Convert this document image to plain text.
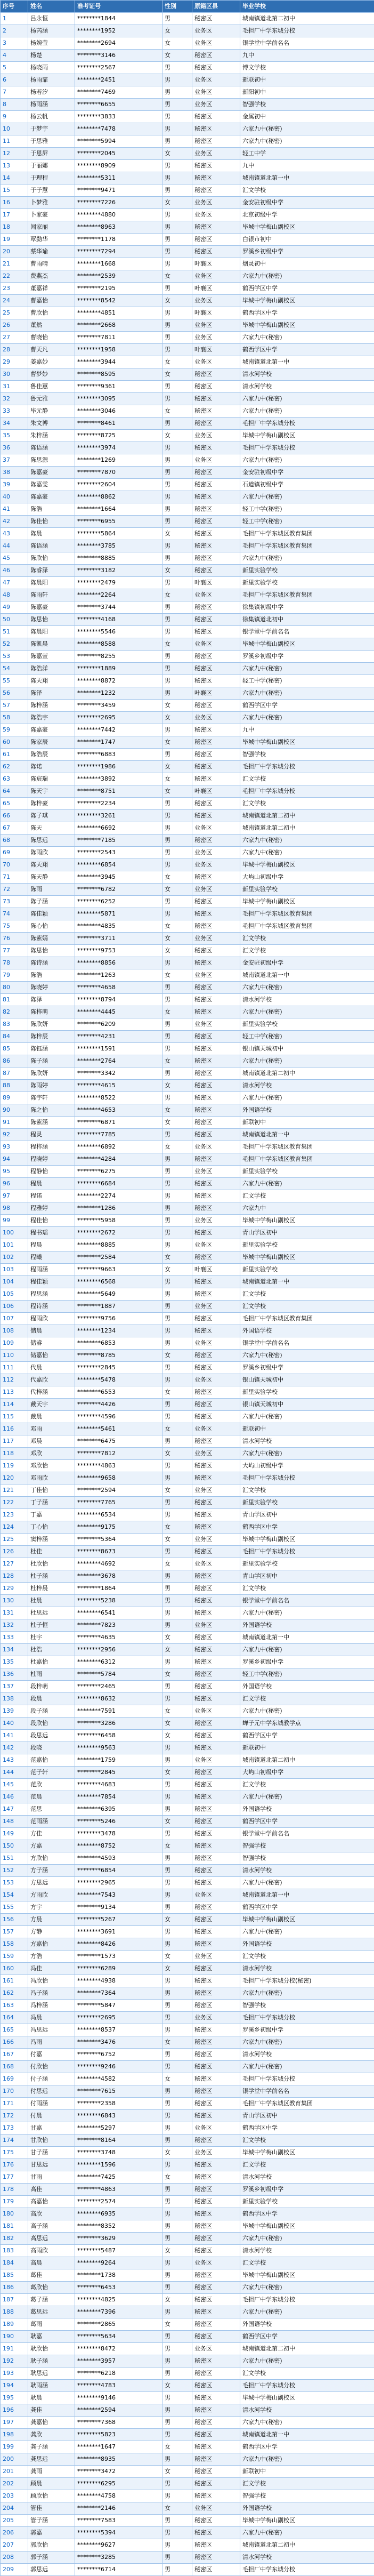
序号	姓名	准考证号	性别	原籍区县	毕业学校
1	吕永恒	********1844	男	秘密区	城南镇道北第二初中
2	杨芮涵	********1952	女	业务区	毛担厂中学东城分校
3	杨婉莹	********2694	女	业务区	银学堂中学前名名
4	杨楚	********3146	女	秘密区	九中
5	杨晓雨	********2567	男	秘密区	博文学校
6	杨雨霏	********2451	男	业务区	新联初中
7	杨若汐	********7469	男	业务区	新阳初中
8	杨雨涵	********6655	男	业务区	智强学校
9	杨云帆	********3833	男	秘密区	金属初中
10	于梦宇	********7478	男	秘密区	六家九中(秘密)
11	于思雅	********5994	男	秘密区	六家九中(秘密)
12	于恩屏	********2045	女	业务区	轻工中学
13	于丽娜	********8909	男	秘密区	九中
14	于理程	********5311	男	秘密区	城南镇道北第一中
15	于子慧	********9471	男	秘密区	汇文学校
16	卜梦雅	********7226	女	业务区	金安驻初级中学
17	卜家豪	********4880	男	业务区	北京初级中学
18	闻家丽	********8963	男	秘密区	毕城中学梅山副校区
19	覃勤华	********1178	男	秘密区	白银市初中
20	蔡华瑜	********7294	男	秘密区	罗溪乡初级中学
21	曹雨晴	********1668	男	叶襄区	烟灵初中
22	费燕杰	********2539	女	业务区	六家九中(秘密)
23	董嘉祥	********2195	男	叶襄区	鹤西学区中学
24	曹嘉怡	********8542	女	业务区	毕城中学梅山副校区
25	曹欣怡	********4851	男	叶襄区	鹤西学区中学
26	董然	********2668	男	业务区	毕城中学梅山副校区
27	曹晓怡	********7811	男	业务区	六家九中(秘密)
28	曹天凡	********1958	男	叶襄区	鹤西学区中学
29	姜嘉妙	********3944	女	业务区	城南镇道北第一中
30	曹梦妙	********8595	女	秘密区	清水河学校
31	鲁佳蕙	********9361	男	秘密区	清水河学校
32	鲁元雅	********3095	男	秘密区	六家九中(秘密)
33	毕元静	********3046	女	秘密区	六家九中(秘密)
34	朱文博	********8461	男	秘密区	毛担厂中学东城分校
35	朱梓涵	********8725	女	业务区	毕城中学梅山副校区
36	陈语涵	********3974	男	秘密区	毛担厂中学东城分校
37	陈思源	********1269	男	业务区	六家九中(秘密)
38	陈嘉豪	********7870	男	秘密区	金安驻初级中学
39	陈嘉雯	********2604	男	秘密区	石道镇初级中学
40	陈嘉豪	********8862	男	秘密区	六家九中(秘密)
41	陈浩	********1664	男	秘密区	轻工中学(秘密)
42	陈佳怡	********6955	男	秘密区	轻工中学(秘密)
43	陈晨	********5864	女	秘密区	毛担厂中学东城区教育集团
44	陈语涵	********3785	男	秘密区	毛担厂中学东城区教育集团
45	陈欣怡	********8885	男	秘密区	六家九中(秘密)
46	陈睿泽	********3182	女	秘密区	新里实验学校
47	陈晨阳	********2479	男	叶襄区	新里实验学校
48	陈雨轩	********2264	女	业务区	毛担厂中学东城区教育集团
49	陈嘉豪	********3744	男	秘密区	徐集镇初级中学
50	陈思怡	********4168	男	秘密区	徐集镇道北初中
51	陈晨阳	********5546	男	秘密区	银学堂中学前名名
52	陈凯晨	********8588	女	业务区	毕城中学梅山副校区
53	陈嘉萱	********8255	男	秘密区	罗溪乡初级中学
54	陈浩洋	********1889	男	秘密区	六家九中(秘密)
55	陈天翔	********8872	男	秘密区	轻工中学(秘密)
56	陈泽	********1232	男	叶襄区	六家九中(秘密)
57	陈梓涵	********3459	女	秘密区	鹤西学区中学
58	陈浩宇	********2695	女	业务区	六家九中(秘密)
59	陈嘉豪	********7442	男	秘密区	九中
60	陈家辰	********1747	女	秘密区	毕城中学梅山副校区
61	陈浩辰	********6883	男	秘密区	智强学校
62	陈诺	********1986	女	秘密区	毛担厂中学东城分校
63	陈宸瑞	********3892	女	秘密区	汇文学校
64	陈天宇	********8751	女	叶襄区	毛担厂中学东城分校
65	陈梓豪	********2234	男	秘密区	汇文学校
66	陈子琪	********3261	男	秘密区	城南镇道北第二初中
67	陈天	********6692	男	业务区	城南镇道北第二初中
68	陈思远	********7185	男	秘密区	六家九中(秘密)
69	陈雨欣	********2543	男	业务区	六家九中(秘密)
70	陈天翔	********6854	男	业务区	毕城中学梅山副校区
71	陈天静	********3945	女	秘密区	大屿山初级中学
72	陈雨	********6782	女	业务区	新里实验学校
73	陈子涵	********6252	男	秘密区	毕城中学梅山副校区
74	陈佳颖	********5871	男	秘密区	毛担厂中学东城区教育集团
75	陈心怡	********4835	女	秘密区	毛担厂中学东城区教育集团
76	陈紫嫣	********3711	女	业务区	汇文学校
77	陈思怡	********9753	女	秘密区	汇文学校
78	陈诗涵	********8856	男	秘密区	金安驻初级中学
79	陈浩	********1263	女	业务区	城南镇道北第一中
80	陈晓婷	********4658	男	秘密区	六家九中(秘密)
81	陈泽	********8794	男	秘密区	清水河学校
82	陈梓萌	********4445	女	秘密区	六家九中(秘密)
83	陈欣妍	********6209	男	业务区	新里实验学校
84	陈梓辰	********4231	男	秘密区	轻工中学(秘密)
85	陈钰涵	********1591	男	秘密区	银山镇天城初中
86	陈子涵	********2764	女	秘密区	六家九中(秘密)
87	陈欣妍	********3342	男	秘密区	城南镇道北第二初中
88	陈雨婷	********4615	女	秘密区	清水河学校
89	陈宇轩	********8522	男	秘密区	六家九中(秘密)
90	陈之怡	********4653	女	秘密区	外国语学校
91	陈紫涵	********6871	女	秘密区	新联初中
92	程灵	********7785	男	秘密区	城南镇道北第一中
93	程梓涵	********6892	女	业务区	毛担厂中学东城区教育集团
94	程晓婷	********4284	男	秘密区	毛担厂中学东城区教育集团
95	程静怡	********6275	男	业务区	新里实验学校
96	程晨	********6684	男	秘密区	六家九中(秘密)
97	程诺	********2274	男	秘密区	汇文学校
98	程雅婷	********1286	男	秘密区	六家九中
99	程佳怡	********5958	男	业务区	毕城中学梅山副校区
100	程书瑶	********2672	男	秘密区	青山学区初中
101	程晨	********8885	男	业务区	新里实验学校
102	程曦	********2584	女	秘密区	毕城中学梅山副校区
103	程雨涵	********9663	女	叶襄区	新里实验学校
104	程佳颖	********6568	男	秘密区	城南镇道北第一中
105	程思涵	********5649	男	秘密区	汇文学校
106	程诗涵	********1887	男	业务区	汇文学校
107	程雨欣	********9756	男	秘密区	毛担厂中学东城区教育集团
108	储晨	********1234	男	秘密区	外国语学校
109	储睿	********6853	男	业务区	银学堂中学前名名
110	储嘉怡	********8785	女	秘密区	六家九中(秘密)
111	代晨	********2845	男	秘密区	罗溪乡初级中学
112	代嘉欣	********5478	男	业务区	银山镇天城初中
113	代梓涵	********6553	女	秘密区	新里实验学校
114	戴天宇	********4426	男	秘密区	银山镇天城初中
115	戴晨	********4596	男	秘密区	六家九中(秘密)
116	邓雨	********5461	女	业务区	新联初中
117	邓晨	********6475	男	秘密区	清水河学校
118	邓欣	********7812	女	业务区	六家九中(秘密)
119	邓欣怡	********4863	男	秘密区	大屿山初级中学
120	邓雨欣	********9658	男	秘密区	毛担厂中学东城分校
121	丁佳怡	********2594	女	业务区	汇文学校
122	丁子涵	********7765	男	秘密区	新里实验学校
123	丁嘉	********6534	男	秘密区	青山学区初中
124	丁心怡	********9175	女	秘密区	鹤西学区中学
125	窦梓涵	********5364	女	业务区	毕城中学梅山副校区
126	杜佳	********8673	男	秘密区	毛担厂中学东城分校
127	杜欣怡	********4692	女	业务区	新里实验学校
128	杜子涵	********3678	男	秘密区	青山学区初中
129	杜梓晨	********1864	男	秘密区	汇文学校
130	杜晨	********5238	男	秘密区	银学堂中学前名名
131	杜思远	********6541	男	秘密区	六家九中(秘密)
132	杜子恒	********7823	男	业务区	外国语学校
133	杜宇	********4635	女	秘密区	城南镇道北第一中
134	杜浩	********2956	女	秘密区	六家九中(秘密)
135	杜嘉怡	********6312	男	秘密区	罗溪乡初级中学
136	杜雨	********5784	女	秘密区	轻工中学(秘密)
137	段梓萌	********2465	男	秘密区	外国语学校
138	段晨	********8632	男	秘密区	汇文学校
139	段子涵	********7591	女	业务区	六家九中(秘密)
140	段欣怡	********3286	女	秘密区	蝉子元中学东城教学点
141	段思远	********6458	女	秘密区	鹤西学区中学
142	段晓	********9563	男	秘密区	新联初中
143	范嘉怡	********1759	男	业务区	城南镇道北第二初中
144	范子轩	********2845	女	秘密区	大屿山初级中学
145	范欣	********4683	男	秘密区	汇文学校
146	范晨	********7854	男	秘密区	六家九中(秘密)
147	范思	********6395	男	秘密区	外国语学校
148	范雨涵	********5246	女	秘密区	鹤西学区中学
149	方佳	********3478	男	秘密区	银学堂中学前名名
150	方嘉	********8752	女	秘密区	智强学校
151	方欣怡	********4593	男	秘密区	智强学校
152	方子涵	********6854	男	秘密区	清水河学校
153	方思远	********2965	男	秘密区	六家九中(秘密)
154	方雨欣	********7543	男	业务区	城南镇道北第一中
155	方宇	********9134	男	秘密区	鹤西学区中学
156	方晨	********5267	女	秘密区	毕城中学梅山副校区
157	方静	********3691	男	秘密区	六家九中(秘密)
158	方嘉怡	********8426	男	秘密区	外国语学校
159	方浩	********1573	女	业务区	汇文学校
160	冯佳	********6289	女	秘密区	清水河学校
161	冯欣怡	********4938	男	秘密区	毛担厂中学东城分校(秘密)
162	冯子涵	********7364	男	秘密区	六家九中(秘密)
163	冯梓涵	********5847	男	秘密区	智强学校
164	冯晨	********2695	男	业务区	毛担厂中学东城分校
165	冯思远	********8537	男	秘密区	罗溪乡初级中学
166	冯雨	********3476	女	秘密区	六家九中(秘密)
167	付嘉	********6752	男	秘密区	清水河学校
168	付欣怡	********9246	男	秘密区	六家九中(秘密)
169	付子涵	********4582	女	秘密区	毛担厂中学东城分校
170	付思远	********7615	男	秘密区	银学堂中学前名名
171	付雨涵	********2358	男	秘密区	毛担厂中学东城区教育集团
172	付晨	********6843	男	秘密区	青山学区初中
173	甘嘉	********5297	男	业务区	鹤西学区中学
174	甘欣怡	********8164	男	秘密区	汇文学校
175	甘子涵	********3748	女	业务区	毕城中学梅山副校区
176	甘思远	********1596	男	秘密区	汇文学校
177	甘雨	********7425	女	秘密区	清水河学校
178	高佳	********4863	男	秘密区	罗溪乡初级中学
179	高嘉怡	********2574	男	秘密区	新里实验学校
180	高欣	********6935	男	秘密区	鹤西学区中学
181	高子涵	********8352	男	秘密区	毕城中学梅山副校区
182	高思远	********3629	男	秘密区	六家九中(秘密)
183	高雨欣	********5487	女	秘密区	清水河学校
184	高晨	********9264	男	业务区	汇文学校
185	葛佳	********1738	男	秘密区	毕城中学梅山副校区
186	葛欣怡	********6453	男	秘密区	六家九中(秘密)
187	葛子涵	********4825	女	秘密区	毛担厂中学东城分校
188	葛思远	********7396	男	秘密区	六家九中(秘密)
189	葛雨	********2865	女	秘密区	外国语学校
190	耿嘉	********5634	男	秘密区	鹤西学区中学
191	耿欣怡	********8472	男	业务区	城南镇道北第二初中
192	耿子涵	********3957	男	秘密区	六家九中(秘密)
193	耿思远	********6218	男	秘密区	汇文学校
194	耿雨涵	********4783	女	秘密区	毛担厂中学东城分校
195	耿晨	********9146	男	秘密区	毕城中学梅山副校区
196	龚佳	********2594	男	秘密区	清水河学校
197	龚嘉怡	********7368	男	秘密区	六家九中(秘密)
198	龚欣	********5823	男	秘密区	城南镇道北第一中
199	龚子涵	********1647	女	秘密区	鹤西学区中学
200	龚思远	********8935	男	秘密区	六家九中(秘密)
201	龚雨	********3472	女	秘密区	新联初中
202	顾晨	********6295	男	秘密区	汇文学校
203	顾欣怡	********4758	男	秘密区	智强学校
204	管佳	********2146	女	业务区	外国语学校
205	管子涵	********7583	男	秘密区	毕城中学梅山副校区
206	郭嘉	********5394	男	秘密区	六家九中(秘密)
207	郭欣怡	********9627	男	秘密区	城南镇道北第二初中
208	郭子涵	********3285	男	秘密区	清水河学校
209	郭思远	********6714	男	秘密区	毛担厂中学东城分校
